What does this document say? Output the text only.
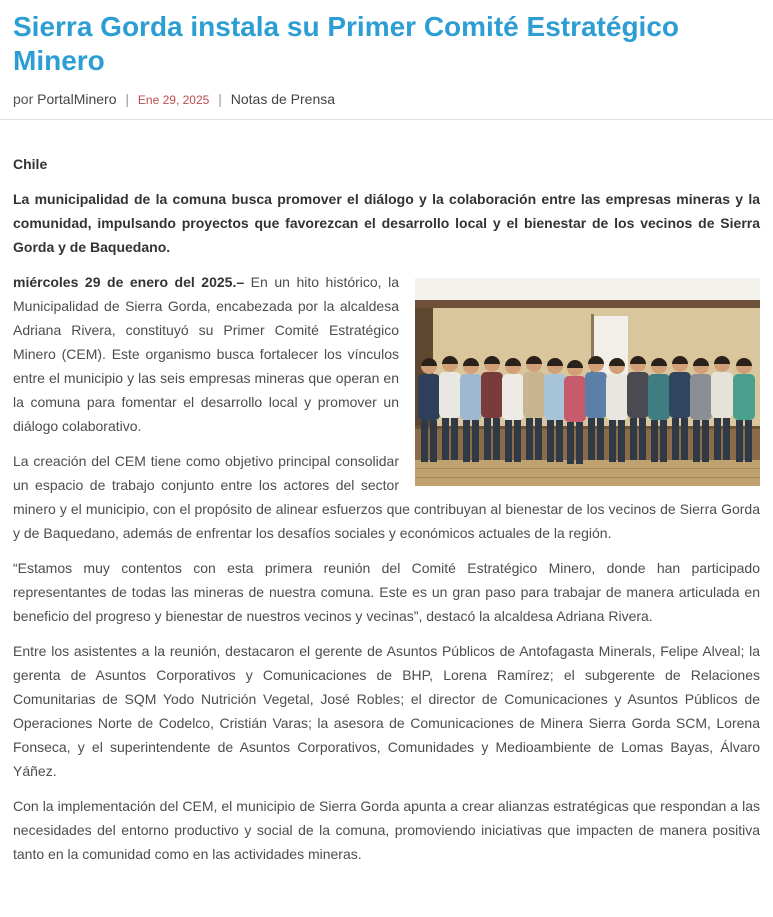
Sierra Gorda instala su Primer Comité Estratégico Minero

por PortalMinero | Ene 29, 2025 | Notas de Prensa

Chile

La municipalidad de la comuna busca promover el diálogo y la colaboración entre las empresas mineras y la comunidad, impulsando proyectos que favorezcan el desarrollo local y el bienestar de los vecinos de Sierra Gorda y de Baquedano.

miércoles 29 de enero del 2025.– En un hito histórico, la Municipalidad de Sierra Gorda, encabezada por la alcaldesa Adriana Rivera, constituyó su Primer Comité Estratégico Minero (CEM). Este organismo busca fortalecer los vínculos entre el municipio y las seis empresas mineras que operan en la comuna para fomentar el desarrollo local y promover un diálogo colaborativo.

La creación del CEM tiene como objetivo principal consolidar un espacio de trabajo conjunto entre los actores del sector minero y el municipio, con el propósito de alinear esfuerzos que contribuyan al bienestar de los vecinos de Sierra Gorda y de Baquedano, además de enfrentar los desafíos sociales y económicos actuales de la región.

“Estamos muy contentos con esta primera reunión del Comité Estratégico Minero, donde han participado representantes de todas las mineras de nuestra comuna. Este es un gran paso para trabajar de manera articulada en beneficio del progreso y bienestar de nuestros vecinos y vecinas”, destacó la alcaldesa Adriana Rivera.

Entre los asistentes a la reunión, destacaron el gerente de Asuntos Públicos de Antofagasta Minerals, Felipe Alveal; la gerenta de Asuntos Corporativos y Comunicaciones de BHP, Lorena Ramírez; el subgerente de Relaciones Comunitarias de SQM Yodo Nutrición Vegetal, José Robles; el director de Comunicaciones y Asuntos Públicos de Operaciones Norte de Codelco, Cristián Varas; la asesora de Comunicaciones de Minera Sierra Gorda SCM, Lorena Fonseca, y el superintendente de Asuntos Corporativos, Comunidades y Medioambiente de Lomas Bayas, Álvaro Yáñez.

Con la implementación del CEM, el municipio de Sierra Gorda apunta a crear alianzas estratégicas que respondan a las necesidades del entorno productivo y social de la comuna, promoviendo iniciativas que impacten de manera positiva tanto en la comunidad como en las actividades mineras.
